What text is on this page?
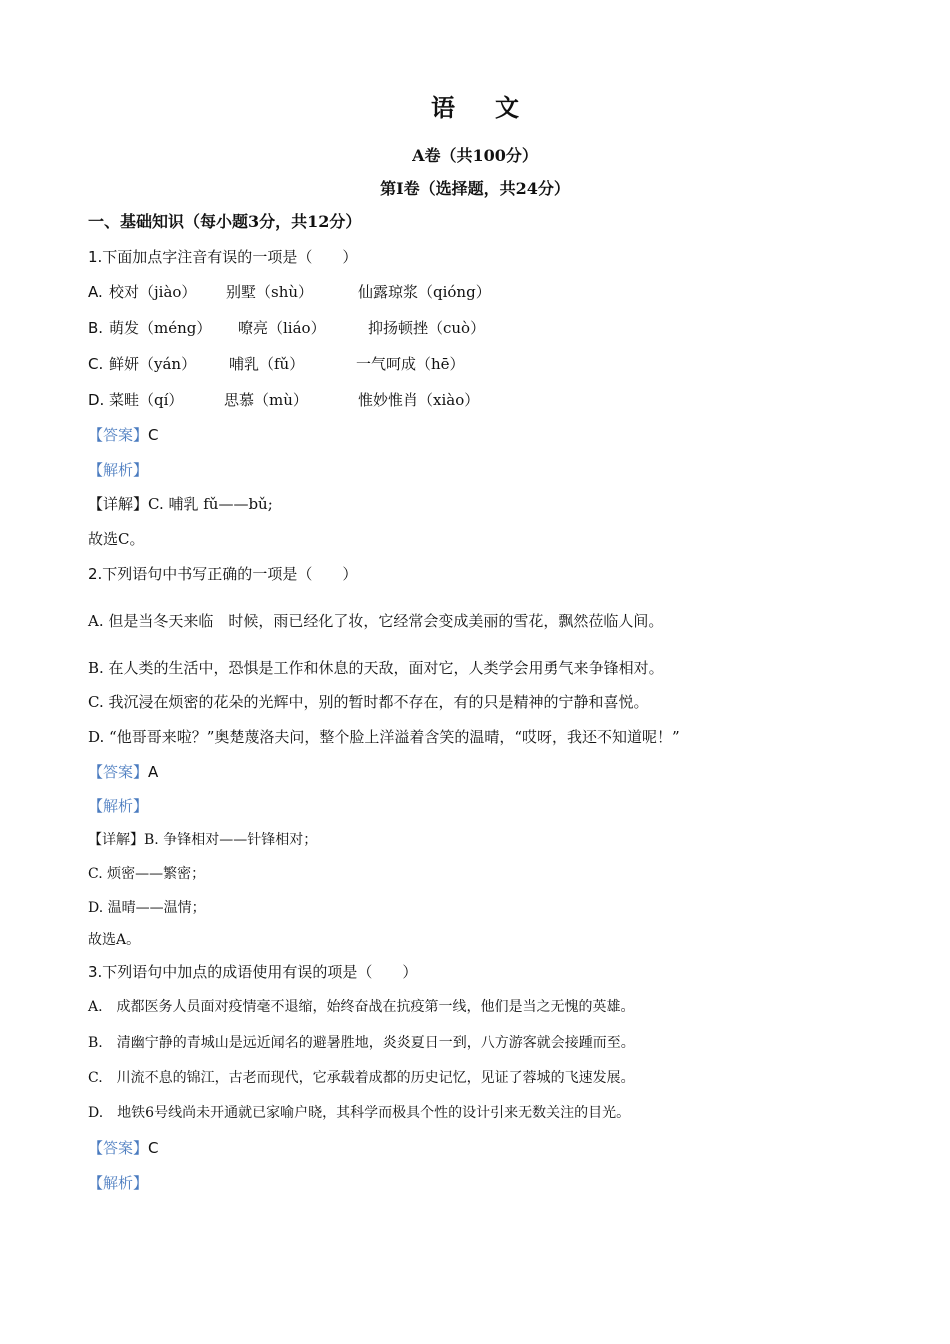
语文
A卷（共100分）
第Ⅰ卷（选择题，共24分）
一、基础知识（每小题3分，共12分）
1.下面加点字注音有误的一项是（　　）
A. 校对（jiào） 别墅（shù）	仙露琼浆（qióng）
B. 萌发（méng） 嘹亮（liáo）	抑扬顿挫（cuò）
C. 鲜妍（yán） 哺乳（fǔ）	一气呵成（hē）
D. 菜畦（qí）	思慕（mù）	惟妙惟肖（xiào）
【答案】C
【解析】
【详解】C. 哺乳 fǔ——bǔ;
故选C。
2.下列语句中书写正确的一项是（　　）
A. 但是当冬天来临　时候，雨已经化了妆，它经常会变成美丽的雪花，飘然莅临人间。
B. 在人类的生活中，恐惧是工作和休息的天敌，面对它，人类学会用勇气来争锋相对。
C. 我沉浸在烦密的花朵的光辉中，别的暂时都不存在，有的只是精神的宁静和喜悦。
D. “他哥哥来啦？”奥楚蔑洛夫问，整个脸上洋溢着含笑的温晴，“哎呀，我还不知道呢！”
【答案】A
【解析】
【详解】B. 争锋相对——针锋相对；
C. 烦密——繁密；
D. 温晴——温情；
故选A。
3.下列语句中加点的成语使用有误的项是（　　）
A.　成都医务人员面对疫情毫不退缩，始终奋战在抗疫第一线，他们是当之无愧的英雄。
B.　清幽宁静的青城山是远近闻名的避暑胜地，炎炎夏日一到，八方游客就会接踵而至。
C.　川流不息的锦江，古老而现代，它承载着成都的历史记忆，见证了蓉城的飞速发展。
D.　地铁6号线尚未开通就已家喻户晓，其科学而极具个性的设计引来无数关注的目光。
【答案】C
【解析】
